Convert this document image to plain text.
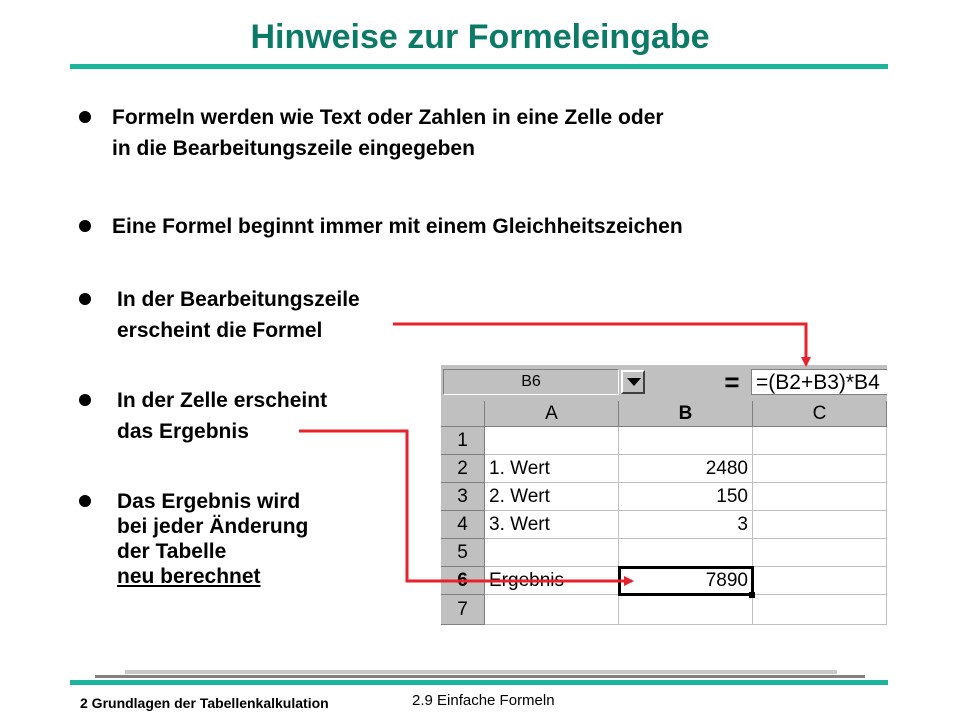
Hinweise zur Formeleingabe
Formeln werden wie Text oder Zahlen in eine Zelle oder
in die Bearbeitungszeile eingegeben
Eine Formel beginnt immer mit einem Gleichheitszeichen
In der Bearbeitungszeile
erscheint die Formel
In der Zelle erscheint
das Ergebnis
Das Ergebnis wird
bei jeder Änderung
der Tabelle
neu berechnet
B6	= =(B2+B3)*B4
A	B	C
1
2	1. Wert	2480
3	2. Wert	150
4	3. Wert	3
5
6	Ergebnis	7890
7
2 Grundlagen der Tabellenkalkulation	2.9 Einfache Formeln
